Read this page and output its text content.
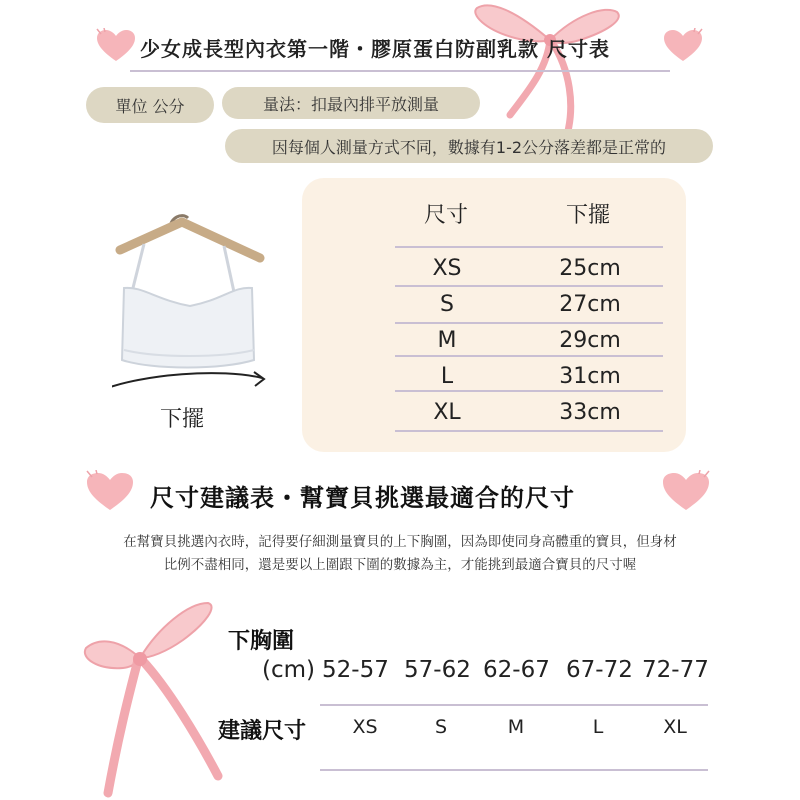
少女成長型內衣第一階・膠原蛋白防副乳款 尺寸表
單位 公分	量法：扣最內排平放測量
因每個人測量方式不同，數據有1-2公分落差都是正常的
下擺
尺寸	下擺
XS	25cm
S	27cm
M	29cm
L	31cm
XL	33cm
尺寸建議表・幫寶貝挑選最適合的尺寸
在幫寶貝挑選內衣時，記得要仔細測量寶貝的上下胸圍，因為即使同身高體重的寶貝，但身材
比例不盡相同，還是要以上圍跟下圍的數據為主，才能挑到最適合寶貝的尺寸喔
下胸圍
(cm) 52-57 57-62 62-67 67-72 72-77
建議尺寸	XS	S	M	L	XL
